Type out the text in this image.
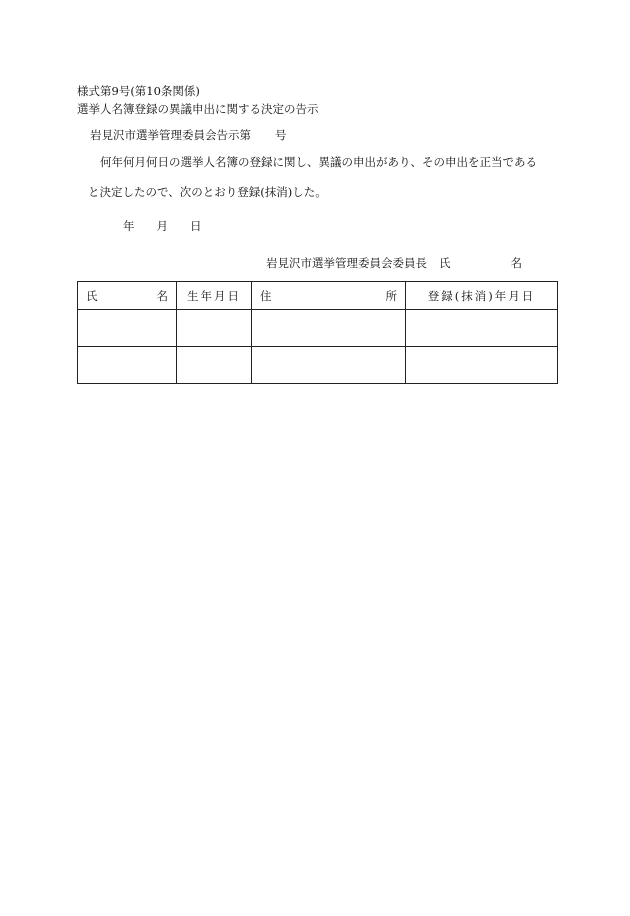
様式第9号(第10条関係)
選挙人名簿登録の異議申出に関する決定の告示
岩見沢市選挙管理委員会告示第 号
何年何月何日の選挙人名簿の登録に関し、異議の申出があり、その申出を正当である
と決定したので、次のとおり登録(抹消)した。
年 月 日
岩見沢市選挙管理委員会委員長 氏	名
氏 名	生年月日	住 所	登録(抹消)年月日
